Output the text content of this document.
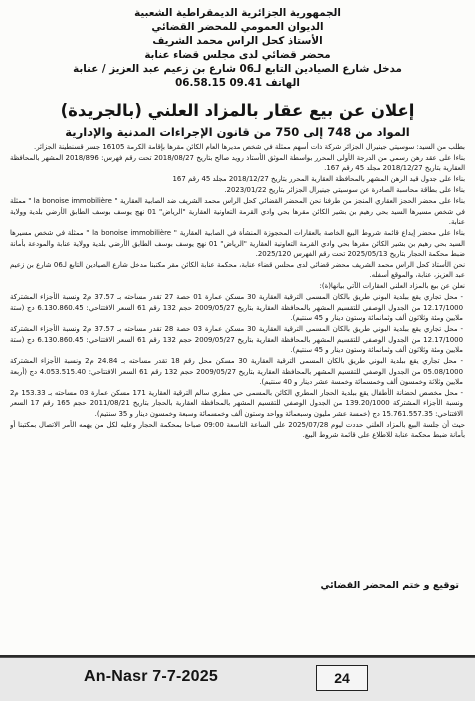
الجمهورية الجزائرية الديمقراطية الشعبية
الديوان العمومي للمحضر القضائي
الأستاذ كحل الراس محمد الشريف
محضر قضائي لدى مجلس قضاء عنابة
مدخل شارع الصيادين التابع لـ06 شارع بن زعيم عبد العزيز / عنابة
الهاتف 09.41 06.58.15
إعلان عن بيع عقار بالمزاد العلني (بالجريدة)
المواد من 748 إلى 750 من قانون الإجراءات المدنية والإدارية

بطلب من السيد: سوسيتي جينيرال الجزائر شركة ذات أسهم ممثلة في شخص مديرها العام الكائن مقرها بإقامة الكرمة 16105 جسر قسنطينة الجزائر.

بناءا على عقد رهن رسمي من الدرجة الأولى المحرر بواسطة الموثق الأستاذ رويد صالح بتاريخ 2018/08/27 تحت رقم فهرس: 2018/896 المشهر بالمحافظة العقارية بتاريخ 2018/12/27 مجلد 45 رقم 167.

بناءا على جدول قيد الرهن المشهر بالمحافظة العقارية المحرر بتاريخ 2018/12/27 مجلد 45 رقم 167

بناءا على بطاقة محاسبة الصادرة عن سوسيتي جينيرال الجزائر بتاريخ 2023/01/22.

بناءا على محضر الحجز العقاري المنجز من طرفنا نحن المحضر القضائي كحل الراس محمد الشريف ضد الصابية العقارية " la bonoise immobilière " ممثلة في شخص مسيرها السيد بحي رهيم بن بشير الكائن مقرها بحي وادي القرمة التعاونية العقارية "الرياض" 01 نهج يوسف بوسف الطابق الأرضي بلدية وولاية عنابة.

بناءا على محضر إيداع قائمة شروط البيع الخاصة بالعقارات المحجوزة المنشأة في الصابية العقارية " la bonoise immobilière " ممثلة في شخص مسيرها السيد بحي رهيم بن بشير الكائن مقرها بحي وادي القرمة التعاونية العقارية "الرياض" 01 نهج يوسف بوسف الطابق الأرضي بلدية وولاية عنابة والمودعة بأمانة ضبط محكمة الحجار بتاريخ 2025/05/13 تحت رقم الفهرس 2025/120.

نحن الأستاذ كحل الراس محمد الشريف محضر قضائي لدى محلس قضاء عنابة، محكمة عنابة الكائن مقر مكتبنا مدخل شارع الصيادين التابع لـ06 شارع بن زعيم عبد العزيز، عنابة، والموقع أسفله.

نعلن عن بيع بالمزاد العلني العقارات الآتي بيانها(ة):

- محل تجاري يقع ببلدية البوني طريق بالكان المسمى الترقية العقارية 30 مسكن عمارة 01 حصة 27 تقدر مساحته بـ 37.57 م2 ونسبة الأجزاء المشتركة 12.17/1000 من الجدول الوصفي للتقسيم المشهر بالمحافظة العقارية بتاريخ 2009/05/27 حجم 132 رقم 61 السعر الافتتاحي: 6.130.860.45 دج (ستة ملايين ومئة وثلاثون ألف وثمانمائة وستون دينار و 45 سنتيم).

- محل تجاري يقع ببلدية البوني طريق بالكان المسمى الترقية العقارية 30 مسكن عمارة 03 حصة 28 تقدر مساحته بـ 37.57 م2 ونسبة الأجزاء المشتركة 12.17/1000 من الجدول الوصفي للتقسيم المشهر بالمحافظة العقارية بتاريخ 2009/05/27 حجم 132 رقم 61 السعر الافتتاحي: 6.130.860.45 دج (ستة ملايين ومئة وثلاثون ألف وثمانمائة وستون دينار و 45 سنتيم).

- محل تجاري يقع ببلدية البوني طريق بالكان المسمى الترقية العقارية 30 مسكن محل رقم 18 تقدر مساحته بـ 24.84 م2 ونسبة الأجزاء المشتركة 05.08/1000 من الجدول الوصفي للتقسيم المشهر بالمحافظة العقارية بتاريخ 2009/05/27 حجم 132 رقم 61 السعر الافتتاحي: 4.053.515.40 دج (أربعة ملايين وثلاثة وخمسون ألف وخمسمائة وخمسة عشر دينار و 40 سنتيم).

- محل مخصص لحضانة الأطفال يقع ببلدية الحجار المطري الكائن بالمسمى حي مطري سالم الترقية العقارية 171 مسكن عمارة 03 مساحته بـ 153.33 م2 ونسبة الأجزاء المشتركة 139.20/1000 من الجدول الوصفي للتقسيم المشهر بالمحافظة العقارية بالحجار بتاريخ 2011/08/21 حجم 165 رقم 17 السعر الافتتاحي: 15.761.557.35 دج (خمسة عشر مليون وسبعمائة وواحد وستون ألف وخمسمائة وسبعة وخمسون دينار و 35 سنتيم).

حيث أن جلسة البيع بالمزاد العلني حددت ليوم 2025/07/28 على الساعة التاسعة 09:00 صباحا بمحكمة الحجار وعليه لكل من يهمه الأمر الاتصال بمكتبنا أو بأمانة ضبط محكمة عنابة للاطلاع على قائمة شروط البيع.

توقيع و ختم المحضر القضائي
An-Nasr 7-7-2025	24
